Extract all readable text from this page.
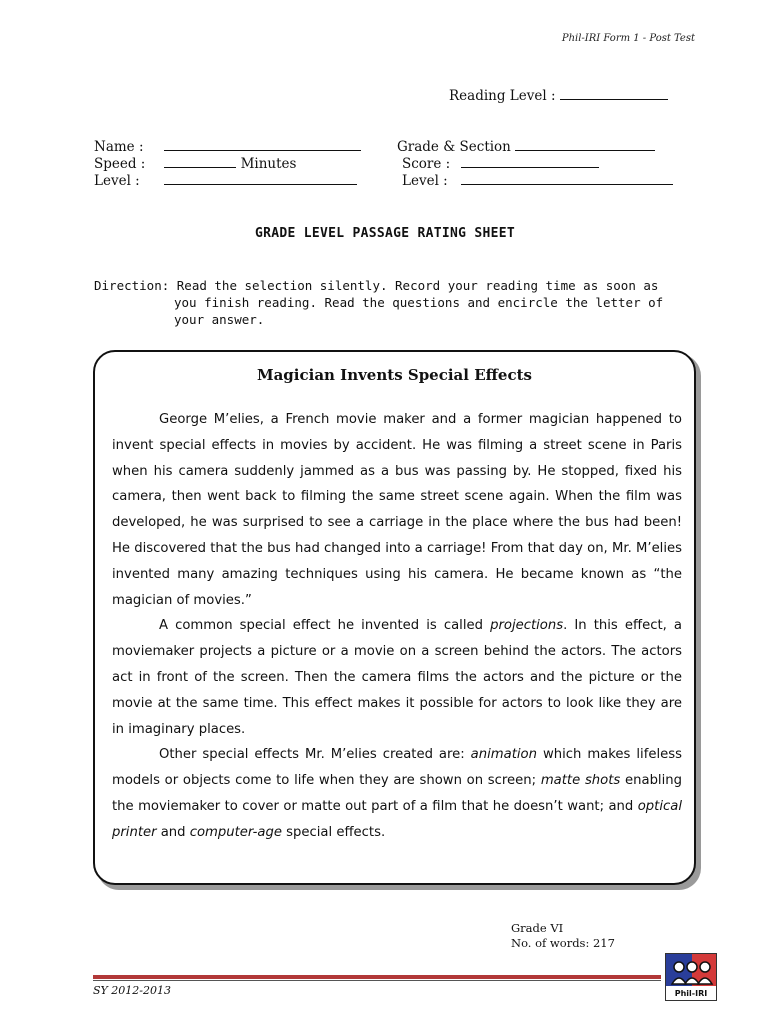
Phil-IRI Form 1 - Post Test
Reading Level :
Name :
Speed :	Minutes
Level :
Grade & Section
Score :
Level :
GRADE LEVEL PASSAGE RATING SHEET
Direction: Read the selection silently. Record your reading time as soon as
you finish reading. Read the questions and encircle the letter of
your answer.
Magician Invents Special Effects

George M’elies, a French movie maker and a former magician happened to invent special effects in movies by accident. He was filming a street scene in Paris when his camera suddenly jammed as a bus was passing by. He stopped, fixed his camera, then went back to filming the same street scene again. When the film was developed, he was surprised to see a carriage in the place where the bus had been! He discovered that the bus had changed into a carriage! From that day on, Mr. M’elies invented many amazing techniques using his camera. He became known as “the magician of movies.”

A common special effect he invented is called projections. In this effect, a moviemaker projects a picture or a movie on a screen behind the actors. The actors act in front of the screen. Then the camera films the actors and the picture or the movie at the same time. This effect makes it possible for actors to look like they are in imaginary places.

Other special effects Mr. M’elies created are: animation which makes lifeless models or objects come to life when they are shown on screen; matte shots enabling the moviemaker to cover or matte out part of a film that he doesn’t want; and optical printer and computer-age special effects.

Grade VI
No. of words: 217
SY 2012-2013	Phil-IRI
